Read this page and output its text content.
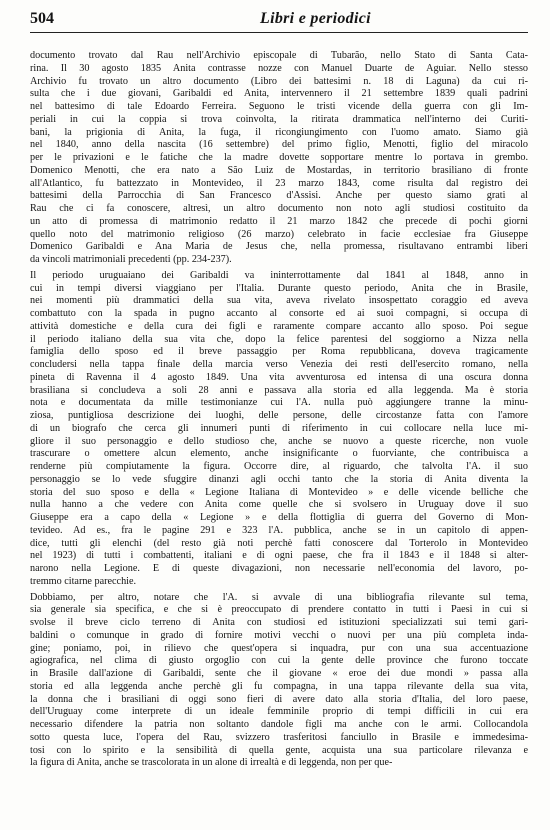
504	Libri e periodici
documento trovato dal Rau nell'Archivio episcopale di Tubarão, nello Stato di Santa Cata-
rina. Il 30 agosto 1835 Anita contrasse nozze con Manuel Duarte de Aguiar. Nello stesso
Archivio fu trovato un altro documento (Libro dei battesimi n. 18 di Laguna) da cui ri-
sulta che i due giovani, Garibaldi ed Anita, intervennero il 21 settembre 1839 quali padrini
nel battesimo di tale Edoardo Ferreira. Seguono le tristi vicende della guerra con gli Im-
periali in cui la coppia si trova coinvolta, la ritirata drammatica nell'interno dei Curiti-
bani, la prigionia di Anita, la fuga, il ricongiungimento con l'uomo amato. Siamo già
nel 1840, anno della nascita (16 settembre) del primo figlio, Menotti, figlio del miracolo
per le privazioni e le fatiche che la madre dovette sopportare mentre lo portava in grembo.
Domenico Menotti, che era nato a São Luiz de Mostardas, in territorio brasiliano di fronte
all'Atlantico, fu battezzato in Montevideo, il 23 marzo 1843, come risulta dal registro dei
battesimi della Parrocchia di San Francesco d'Assisi. Anche per questo siamo grati al
Rau che ci fa conoscere, altresì, un altro documento non noto agli studiosi costituito da
un atto di promessa di matrimonio redatto il 21 marzo 1842 che precede di pochi giorni
quello noto del matrimonio religioso (26 marzo) celebrato in facie ecclesiae fra Giuseppe
Domenico Garibaldi e Ana Maria de Jesus che, nella promessa, risultavano entrambi liberi
da vincoli matrimoniali precedenti (pp. 234-237).
Il periodo uruguaiano dei Garibaldi va ininterrottamente dal 1841 al 1848, anno in
cui in tempi diversi viaggiano per l'Italia. Durante questo periodo, Anita che in Brasile,
nei momenti più drammatici della sua vita, aveva rivelato insospettato coraggio ed aveva
combattuto con la spada in pugno accanto al consorte ed ai suoi compagni, si occupa di
attività domestiche e della cura dei figli e raramente compare accanto allo sposo. Poi segue
il periodo italiano della sua vita che, dopo la felice parentesi del soggiorno a Nizza nella
famiglia dello sposo ed il breve passaggio per Roma repubblicana, doveva tragicamente
concludersi nella tappa finale della marcia verso Venezia dei resti dell'esercito romano, nella
pineta di Ravenna il 4 agosto 1849. Una vita avventurosa ed intensa di una oscura donna
brasiliana si concludeva a soli 28 anni e passava alla storia ed alla leggenda. Ma è storia
nota e documentata da mille testimonianze cui l'A. nulla può aggiungere tranne la minu-
ziosa, puntigliosa descrizione dei luoghi, delle persone, delle circostanze fatta con l'amore
di un biografo che cerca gli innumeri punti di riferimento in cui collocare nella luce mi-
gliore il suo personaggio e dello studioso che, anche se nuovo a queste ricerche, non vuole
trascurare o omettere alcun elemento, anche insignificante o fuorviante, che contribuisca a
renderne più compiutamente la figura. Occorre dire, al riguardo, che talvolta l'A. il suo
personaggio se lo vede sfuggire dinanzi agli occhi tanto che la storia di Anita diventa la
storia del suo sposo e della « Legione Italiana di Montevideo » e delle vicende belliche che
nulla hanno a che vedere con Anita come quelle che si svolsero in Uruguay dove il suo
Giuseppe era a capo della « Legione » e della flottiglia di guerra del Governo di Mon-
tevideo. Ad es., fra le pagine 291 e 323 l'A. pubblica, anche se in un capitolo di appen-
dice, tutti gli elenchi (del resto già noti perchè fatti conoscere dal Torterolo in Montevideo
nel 1923) di tutti i combattenti, italiani e di ogni paese, che fra il 1843 e il 1848 si alter-
narono nella Legione. E di queste divagazioni, non necessarie nell'economia del lavoro, po-
tremmo citarne parecchie.
Dobbiamo, per altro, notare che l'A. si avvale di una bibliografia rilevante sul tema,
sia generale sia specifica, e che si è preoccupato di prendere contatto in tutti i Paesi in cui si
svolse il breve ciclo terreno di Anita con studiosi ed istituzioni specializzati sui temi gari-
baldini o comunque in grado di fornire motivi vecchi o nuovi per una più completa inda-
gine; poniamo, poi, in rilievo che quest'opera si inquadra, pur con una sua accentuazione
agiografica, nel clima di giusto orgoglio con cui la gente delle province che furono toccate
in Brasile dall'azione di Garibaldi, sente che il giovane « eroe dei due mondi » passa alla
storia ed alla leggenda anche perchè gli fu compagna, in una tappa rilevante della sua vita,
la donna che i brasiliani di oggi sono fieri di avere dato alla storia d'Italia, del loro paese,
dell'Uruguay come interprete di un ideale femminile proprio di tempi difficili in cui era
necessario difendere la patria non soltanto dandole figli ma anche con le armi. Collocandola
sotto questa luce, l'opera del Rau, svizzero trasferitosi fanciullo in Brasile e immedesima-
tosi con lo spirito e la sensibilità di quella gente, acquista una sua particolare rilevanza e
la figura di Anita, anche se trascolorata in un alone di irrealtà e di leggenda, non per que-
